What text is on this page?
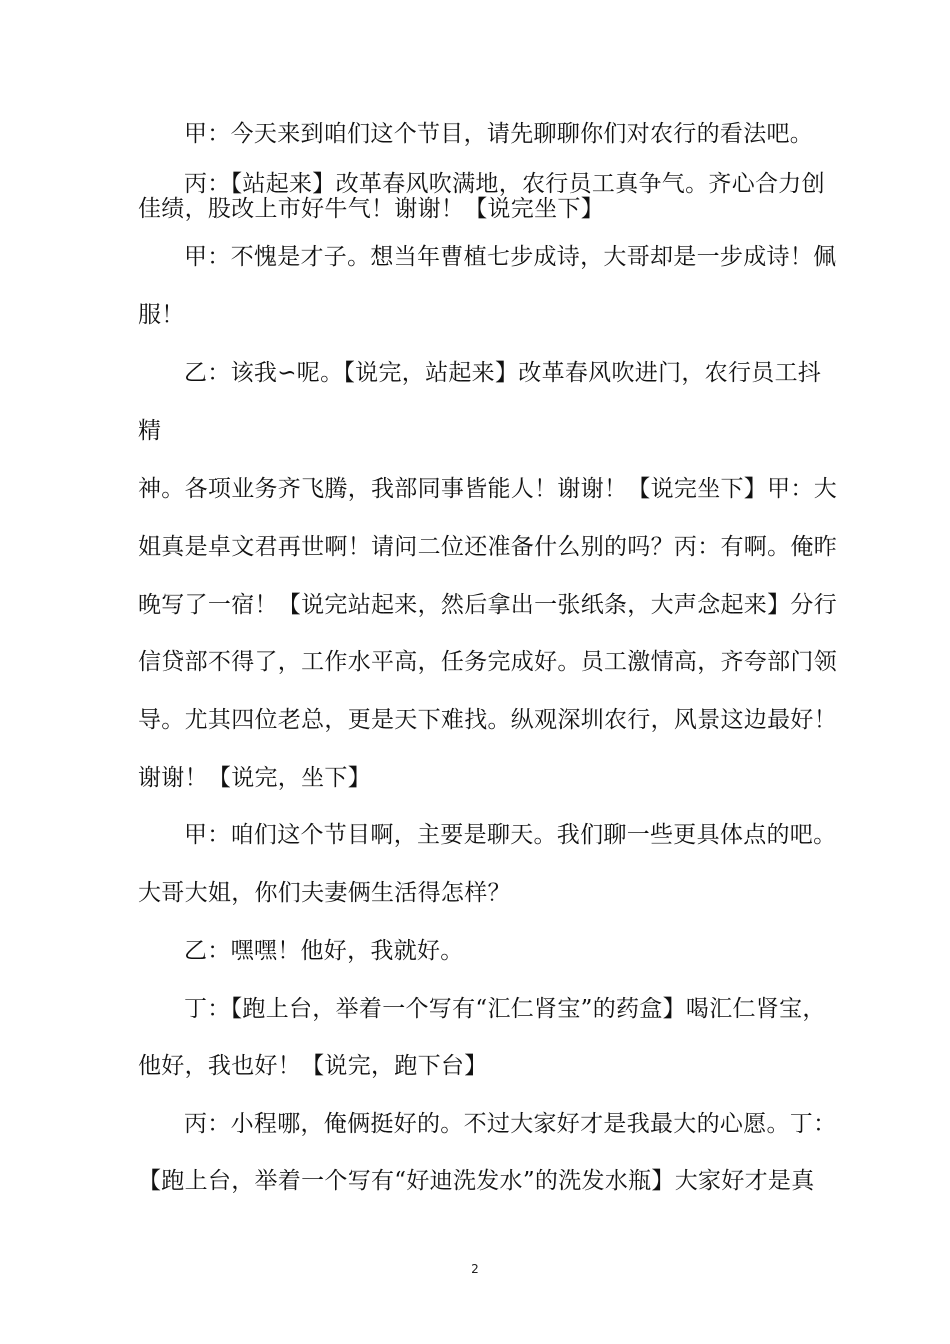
甲：今天来到咱们这个节目，请先聊聊你们对农行的看法吧。
丙：【站起来】改革春风吹满地，农行员工真争气。齐心合力创
佳绩，股改上市好牛气！谢谢！【说完坐下】
甲：不愧是才子。想当年曹植七步成诗，大哥却是一步成诗！佩
服！
乙：该我∽呢。【说完，站起来】改革春风吹进门，农行员工抖
精
神。各项业务齐飞腾，我部同事皆能人！谢谢！【说完坐下】甲：大
姐真是卓文君再世啊！请问二位还准备什么别的吗？丙：有啊。俺昨
晚写了一宿！【说完站起来，然后拿出一张纸条，大声念起来】分行
信贷部不得了，工作水平高，任务完成好。员工激情高，齐夸部门领
导。尤其四位老总，更是天下难找。纵观深圳农行，风景这边最好！
谢谢！【说完，坐下】
甲：咱们这个节目啊，主要是聊天。我们聊一些更具体点的吧。
大哥大姐，你们夫妻俩生活得怎样？
乙：嘿嘿！他好，我就好。
丁：【跑上台，举着一个写有“汇仁肾宝”的药盒】喝汇仁肾宝，
他好，我也好！【说完，跑下台】
丙：小程哪，俺俩挺好的。不过大家好才是我最大的心愿。丁：
【跑上台，举着一个写有“好迪洗发水”的洗发水瓶】大家好才是真
2
